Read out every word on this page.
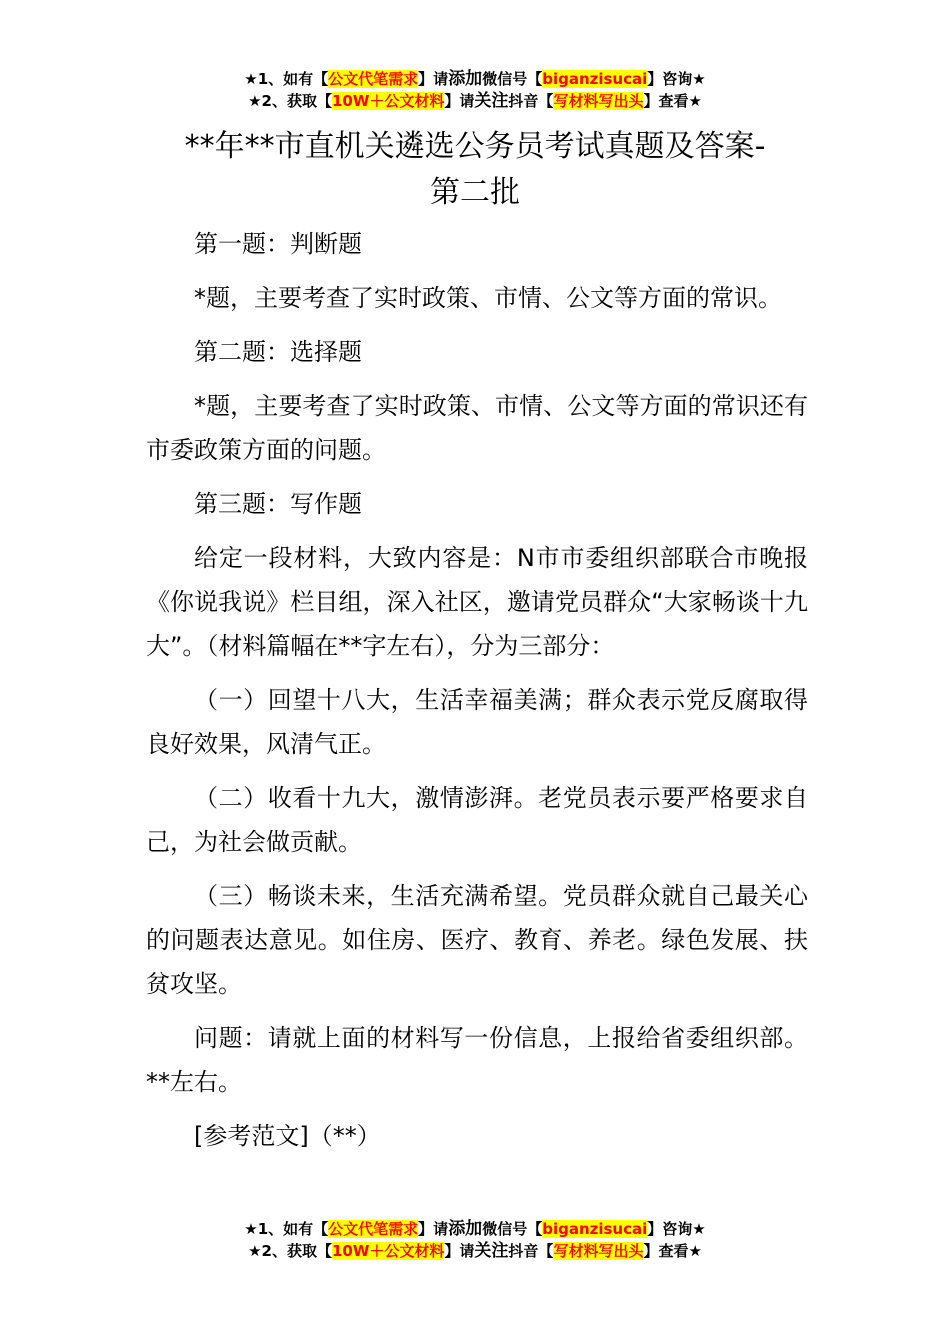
★1、如有【公文代笔需求】请添加微信号【biganzisucai】咨询★
★2、获取【10W＋公文材料】请关注抖音【写材料写出头】查看★
**年**市直机关遴选公务员考试真题及答案-
第二批

第一题：判断题

*题，主要考查了实时政策、市情、公文等方面的常识。

第二题：选择题

*题，主要考查了实时政策、市情、公文等方面的常识还有市委政策方面的问题。

第三题：写作题

给定一段材料，大致内容是：N市市委组织部联合市晚报《你说我说》栏目组，深入社区，邀请党员群众“大家畅谈十九大”。（材料篇幅在**字左右），分为三部分：

（一）回望十八大，生活幸福美满；群众表示党反腐取得良好效果，风清气正。

（二）收看十九大，激情澎湃。老党员表示要严格要求自己，为社会做贡献。

（三）畅谈未来，生活充满希望。党员群众就自己最关心的问题表达意见。如住房、医疗、教育、养老。绿色发展、扶贫攻坚。

问题：请就上面的材料写一份信息，上报给省委组织部。**左右。

[参考范文]（**）

★1、如有【公文代笔需求】请添加微信号【biganzisucai】咨询★
★2、获取【10W＋公文材料】请关注抖音【写材料写出头】查看★
